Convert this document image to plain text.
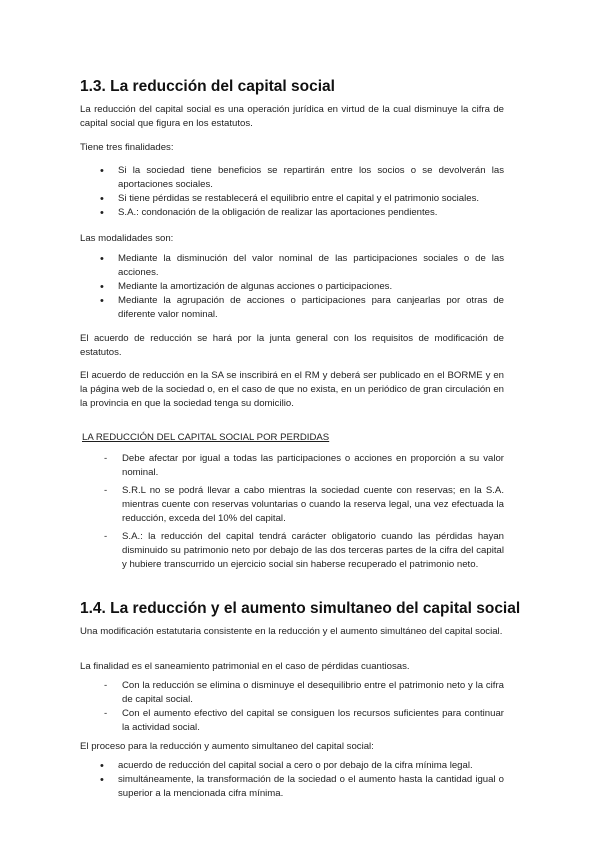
1.3. La reducción del capital social
La reducción del capital social es una operación jurídica en virtud de la cual disminuye la cifra de capital social que figura en los estatutos.
Tiene tres finalidades:
• Si la sociedad tiene beneficios se repartirán entre los socios o se devolverán las aportaciones sociales.
• Si tiene pérdidas se restablecerá el equilibrio entre el capital y el patrimonio sociales.
• S.A.: condonación de la obligación de realizar las aportaciones pendientes.
Las modalidades son:
• Mediante la disminución del valor nominal de las participaciones sociales o de las acciones.
• Mediante la amortización de algunas acciones o participaciones.
• Mediante la agrupación de acciones o participaciones para canjearlas por otras de diferente valor nominal.
El acuerdo de reducción se hará por la junta general con los requisitos de modificación de estatutos.
El acuerdo de reducción en la SA se inscribirá en el RM y deberá ser publicado en el BORME y en la página web de la sociedad o, en el caso de que no exista, en un periódico de gran circulación en la provincia en que la sociedad tenga su domicilio.
LA REDUCCIÓN DEL CAPITAL SOCIAL POR PERDIDAS
- Debe afectar por igual a todas las participaciones o acciones en proporción a su valor nominal.
- S.R.L no se podrá llevar a cabo mientras la sociedad cuente con reservas; en la S.A. mientras cuente con reservas voluntarias o cuando la reserva legal, una vez efectuada la reducción, exceda del 10% del capital.
- S.A.: la reducción del capital tendrá carácter obligatorio cuando las pérdidas hayan disminuido su patrimonio neto por debajo de las dos terceras partes de la cifra del capital y hubiere transcurrido un ejercicio social sin haberse recuperado el patrimonio neto.
1.4. La reducción y el aumento simultaneo del capital social
Una modificación estatutaria consistente en la reducción y el aumento simultáneo del capital social.
La finalidad es el saneamiento patrimonial en el caso de pérdidas cuantiosas.
- Con la reducción se elimina o disminuye el desequilibrio entre el patrimonio neto y la cifra de capital social.
- Con el aumento efectivo del capital se consiguen los recursos suficientes para continuar la actividad social.
El proceso para la reducción y aumento simultaneo del capital social:
• acuerdo de reducción del capital social a cero o por debajo de la cifra mínima legal.
• simultáneamente, la transformación de la sociedad o el aumento hasta la cantidad igual o superior a la mencionada cifra mínima.
